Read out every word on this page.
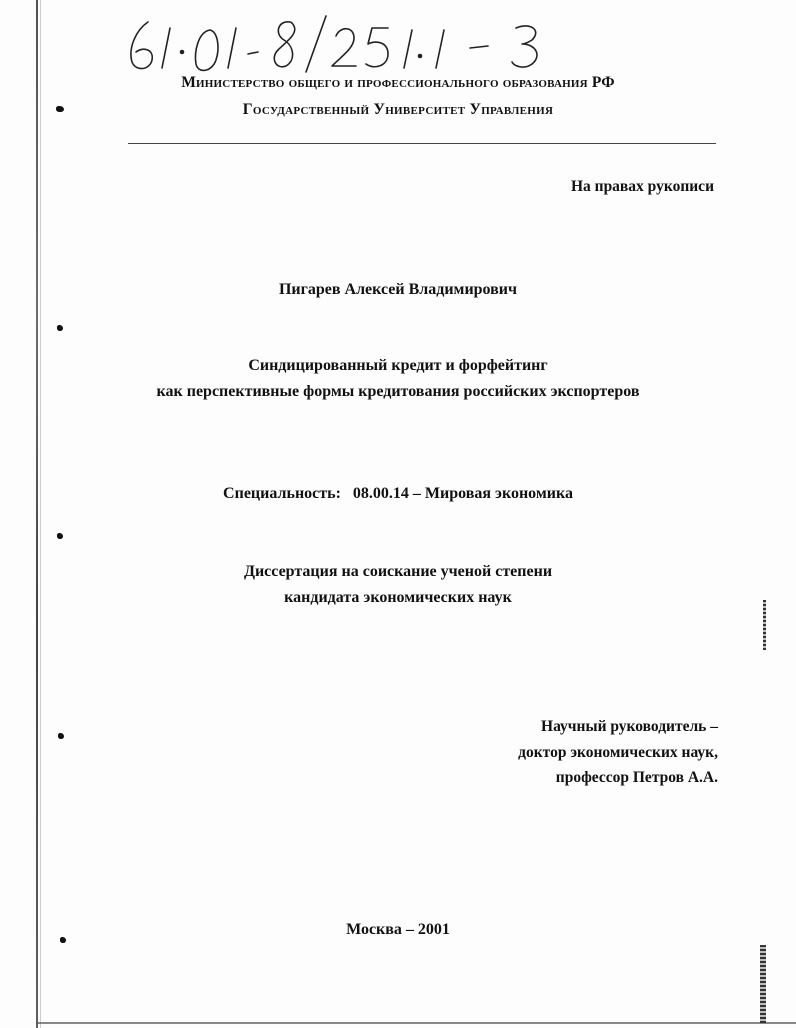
Министерство общего и профессионального образования РФ
Государственный Университет Управления
На правах рукописи
Пигарев Алексей Владимирович
Синдицированный кредит и форфейтинг
как перспективные формы кредитования российских экспортеров
Специальность:   08.00.14 – Мировая экономика
Диссертация на соискание ученой степени
кандидата экономических наук
Научный руководитель –
доктор экономических наук,
профессор Петров А.А.
Москва – 2001
